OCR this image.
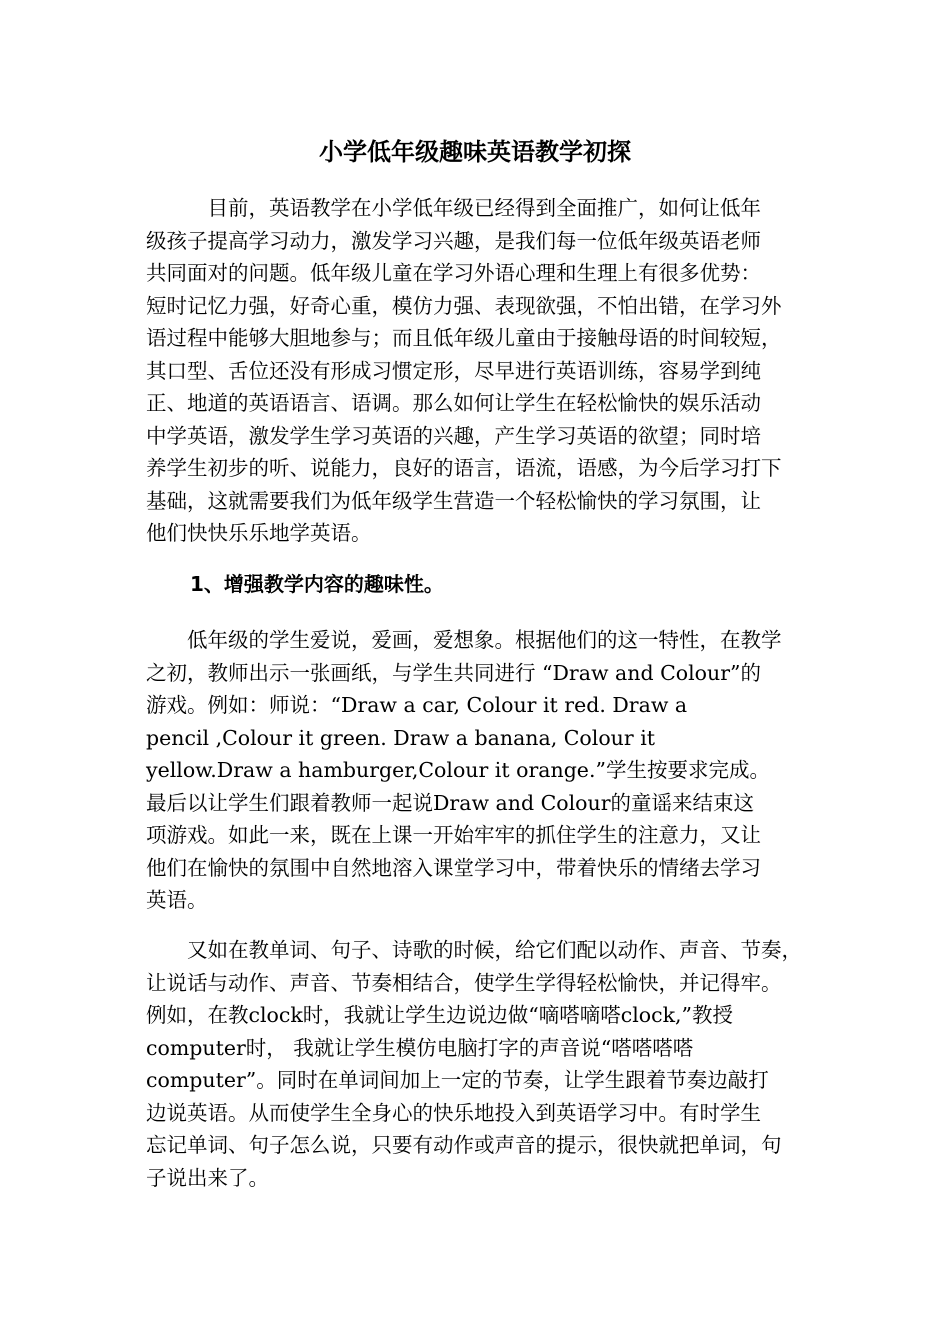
小学低年级趣味英语教学初探
　　　目前，英语教学在小学低年级已经得到全面推广，如何让低年
级孩子提高学习动力，激发学习兴趣，是我们每一位低年级英语老师
共同面对的问题。低年级儿童在学习外语心理和生理上有很多优势：
短时记忆力强，好奇心重，模仿力强、表现欲强，不怕出错，在学习外
语过程中能够大胆地参与；而且低年级儿童由于接触母语的时间较短，
其口型、舌位还没有形成习惯定形，尽早进行英语训练，容易学到纯
正、地道的英语语言、语调。那么如何让学生在轻松愉快的娱乐活动
中学英语，激发学生学习英语的兴趣，产生学习英语的欲望；同时培
养学生初步的听、说能力，良好的语言，语流，语感，为今后学习打下
基础，这就需要我们为低年级学生营造一个轻松愉快的学习氛围，让
他们快快乐乐地学英语。
1、增强教学内容的趣味性。
　　低年级的学生爱说，爱画，爱想象。根据他们的这一特性，在教学
之初，教师出示一张画纸，与学生共同进行 “Draw and Colour”的
游戏。例如：师说：“Draw a car, Colour it red. Draw a
pencil ,Colour it green. Draw a banana, Colour it
yellow.Draw a hamburger,Colour it orange.”学生按要求完成。
最后以让学生们跟着教师一起说Draw and Colour的童谣来结束这
项游戏。如此一来，既在上课一开始牢牢的抓住学生的注意力，又让
他们在愉快的氛围中自然地溶入课堂学习中，带着快乐的情绪去学习
英语。
　　又如在教单词、句子、诗歌的时候，给它们配以动作、声音、节奏，
让说话与动作、声音、节奏相结合，使学生学得轻松愉快，并记得牢。
例如，在教clock时，我就让学生边说边做“嘀嗒嘀嗒clock,”教授
computer时， 我就让学生模仿电脑打字的声音说“嗒嗒嗒嗒
computer”。同时在单词间加上一定的节奏，让学生跟着节奏边敲打
边说英语。从而使学生全身心的快乐地投入到英语学习中。有时学生
忘记单词、句子怎么说，只要有动作或声音的提示，很快就把单词，句
子说出来了。
